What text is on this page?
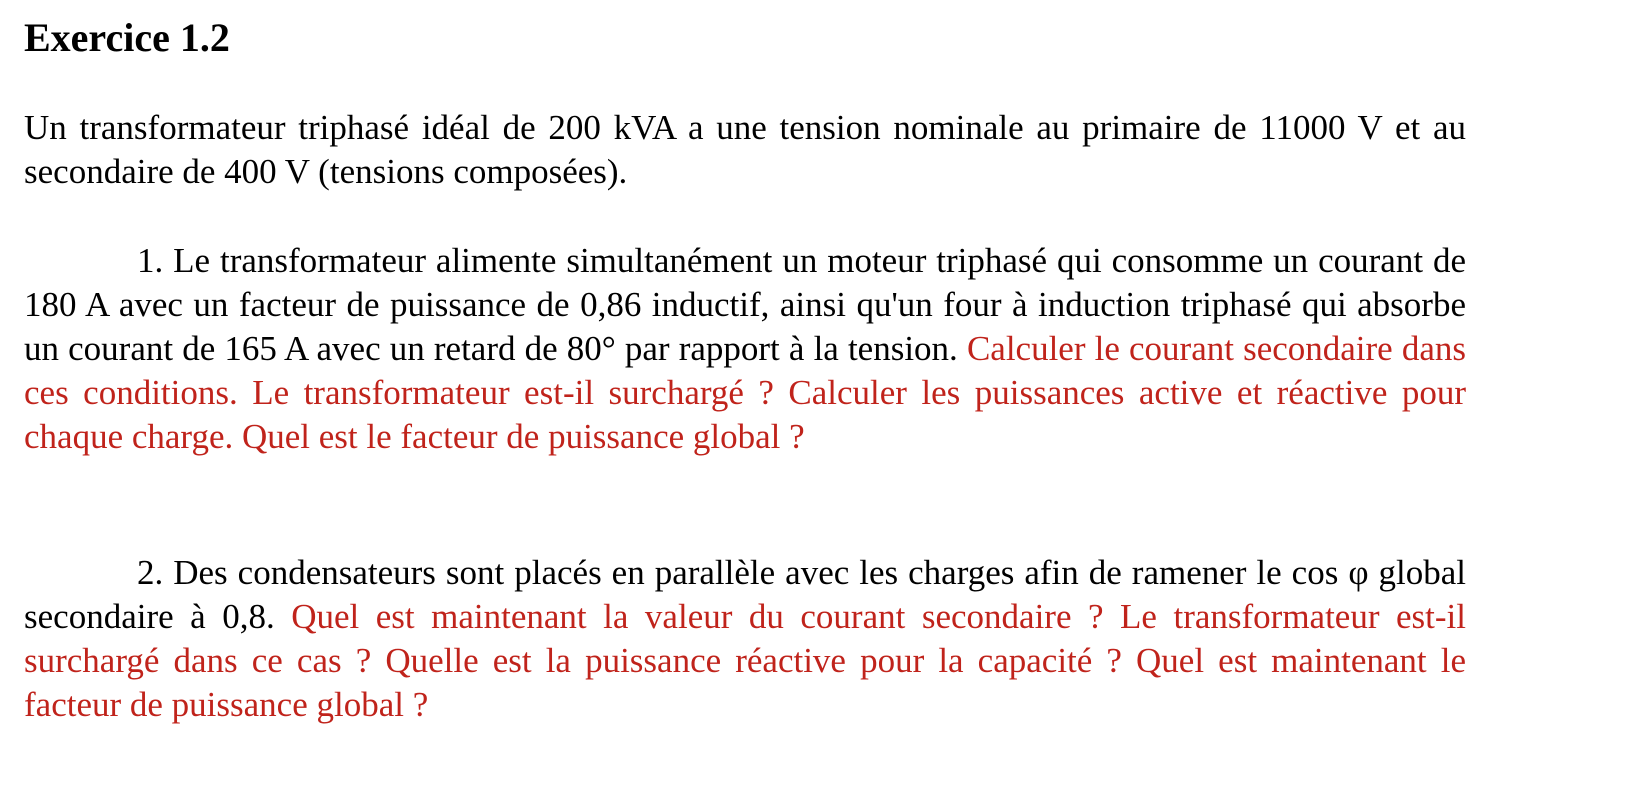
Exercice 1.2

Un transformateur triphasé idéal de 200 kVA a une tension nominale au primaire de 11000 V et au secondaire de 400 V (tensions composées).

1. Le transformateur alimente simultanément un moteur triphasé qui consomme un courant de 180 A avec un facteur de puissance de 0,86 inductif, ainsi qu'un four à induction triphasé qui absorbe un courant de 165 A avec un retard de 80° par rapport à la tension. Calculer le courant secondaire dans ces conditions. Le transformateur est-il surchargé ? Calculer les puissances active et réactive pour chaque charge. Quel est le facteur de puissance global ?

2. Des condensateurs sont placés en parallèle avec les charges afin de ramener le cos φ global secondaire à 0,8. Quel est maintenant la valeur du courant secondaire ? Le transformateur est-il surchargé dans ce cas ? Quelle est la puissance réactive pour la capacité ? Quel est maintenant le facteur de puissance global ?
